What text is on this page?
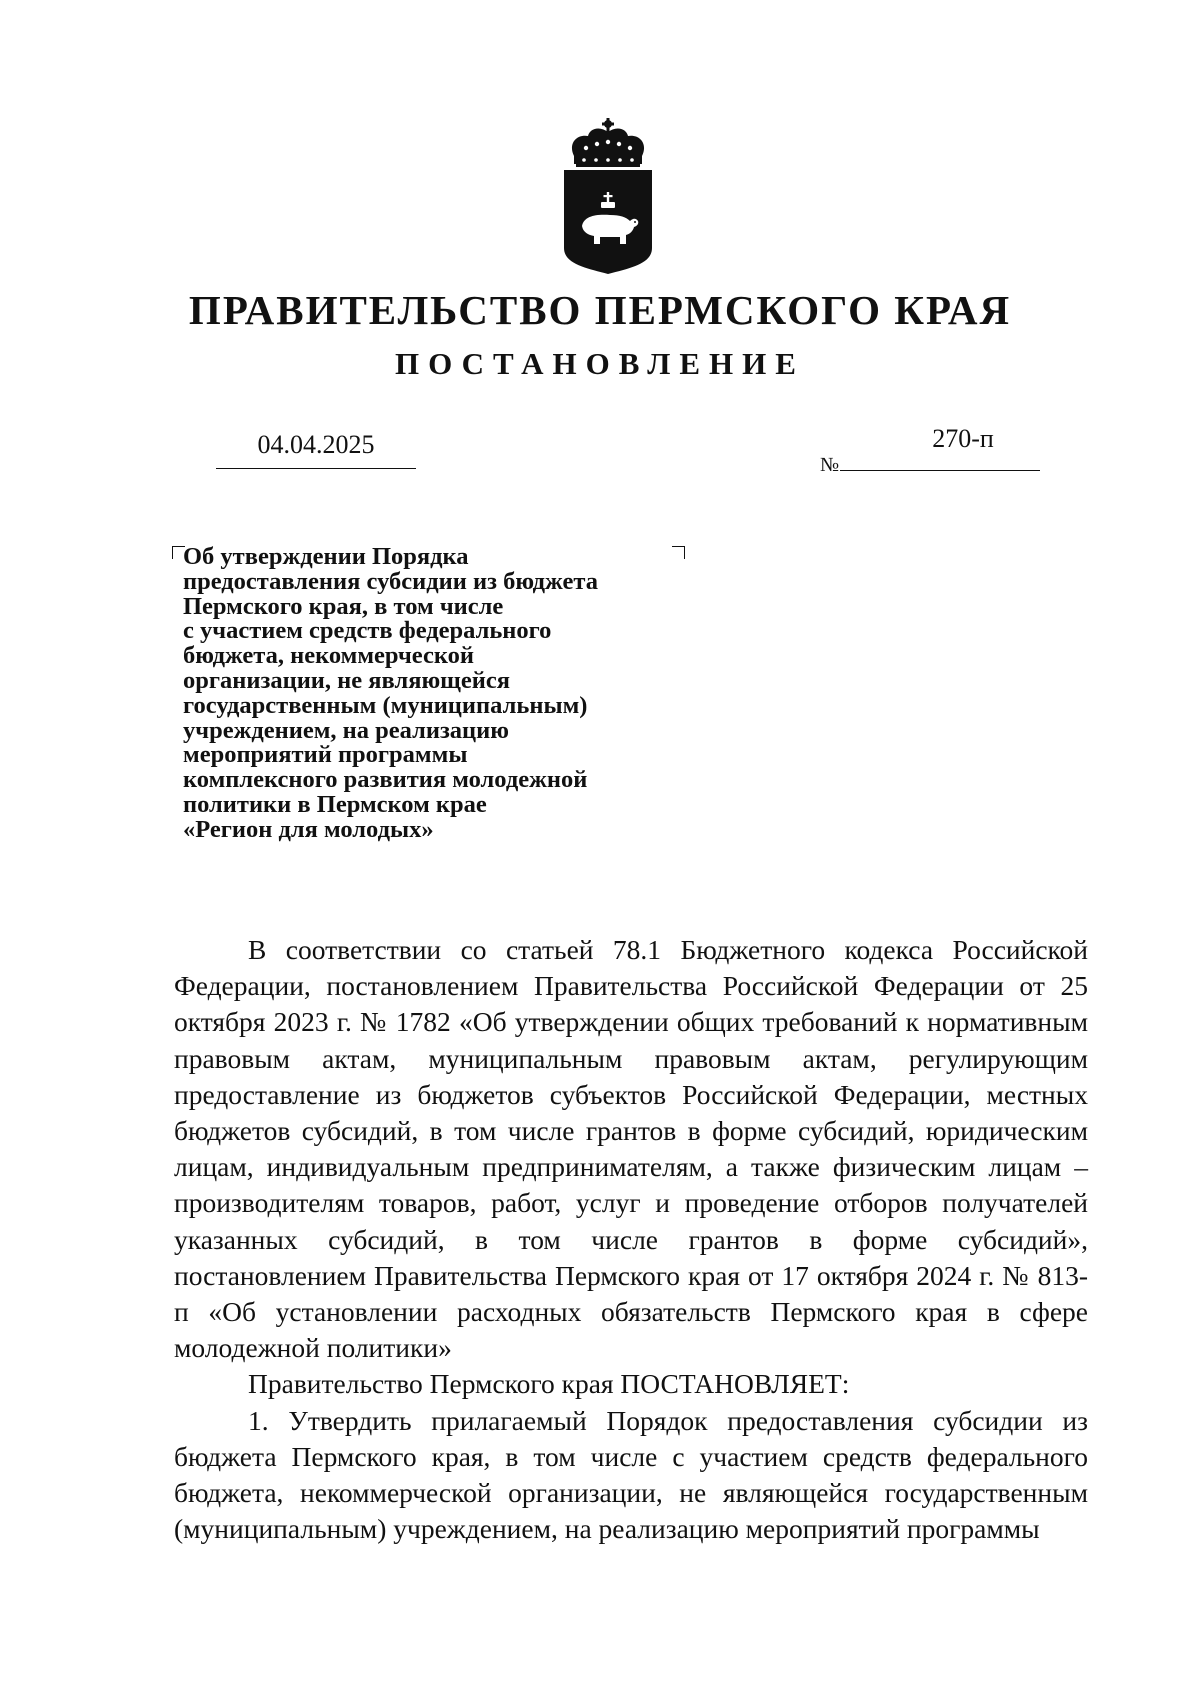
ПРАВИТЕЛЬСТВО ПЕРМСКОГО КРАЯ
ПОСТАНОВЛЕНИЕ
04.04.2025
№
270-п
Об утверждении Порядка
предоставления субсидии из бюджета
Пермского края, в том числе
с участием средств федерального
бюджета, некоммерческой
организации, не являющейся
государственным (муниципальным)
учреждением, на реализацию
мероприятий программы
комплексного развития молодежной
политики в Пермском крае
«Регион для молодых»

В соответствии со статьей 78.1 Бюджетного кодекса Российской Федерации, постановлением Правительства Российской Федерации от 25 октября 2023 г. № 1782 «Об утверждении общих требований к нормативным правовым актам, муниципальным правовым актам, регулирующим предоставление из бюджетов субъектов Российской Федерации, местных бюджетов субсидий, в том числе грантов в форме субсидий, юридическим лицам, индивидуальным предпринимателям, а также физическим лицам – производителям товаров, работ, услуг и проведение отборов получателей указанных субсидий, в том числе грантов в форме субсидий», постановлением Правительства Пермского края от 17 октября 2024 г. № 813-п «Об установлении расходных обязательств Пермского края в сфере молодежной политики»

Правительство Пермского края ПОСТАНОВЛЯЕТ:

1. Утвердить прилагаемый Порядок предоставления субсидии из бюджета Пермского края, в том числе с участием средств федерального бюджета, некоммерческой организации, не являющейся государственным (муниципальным) учреждением, на реализацию мероприятий программы
